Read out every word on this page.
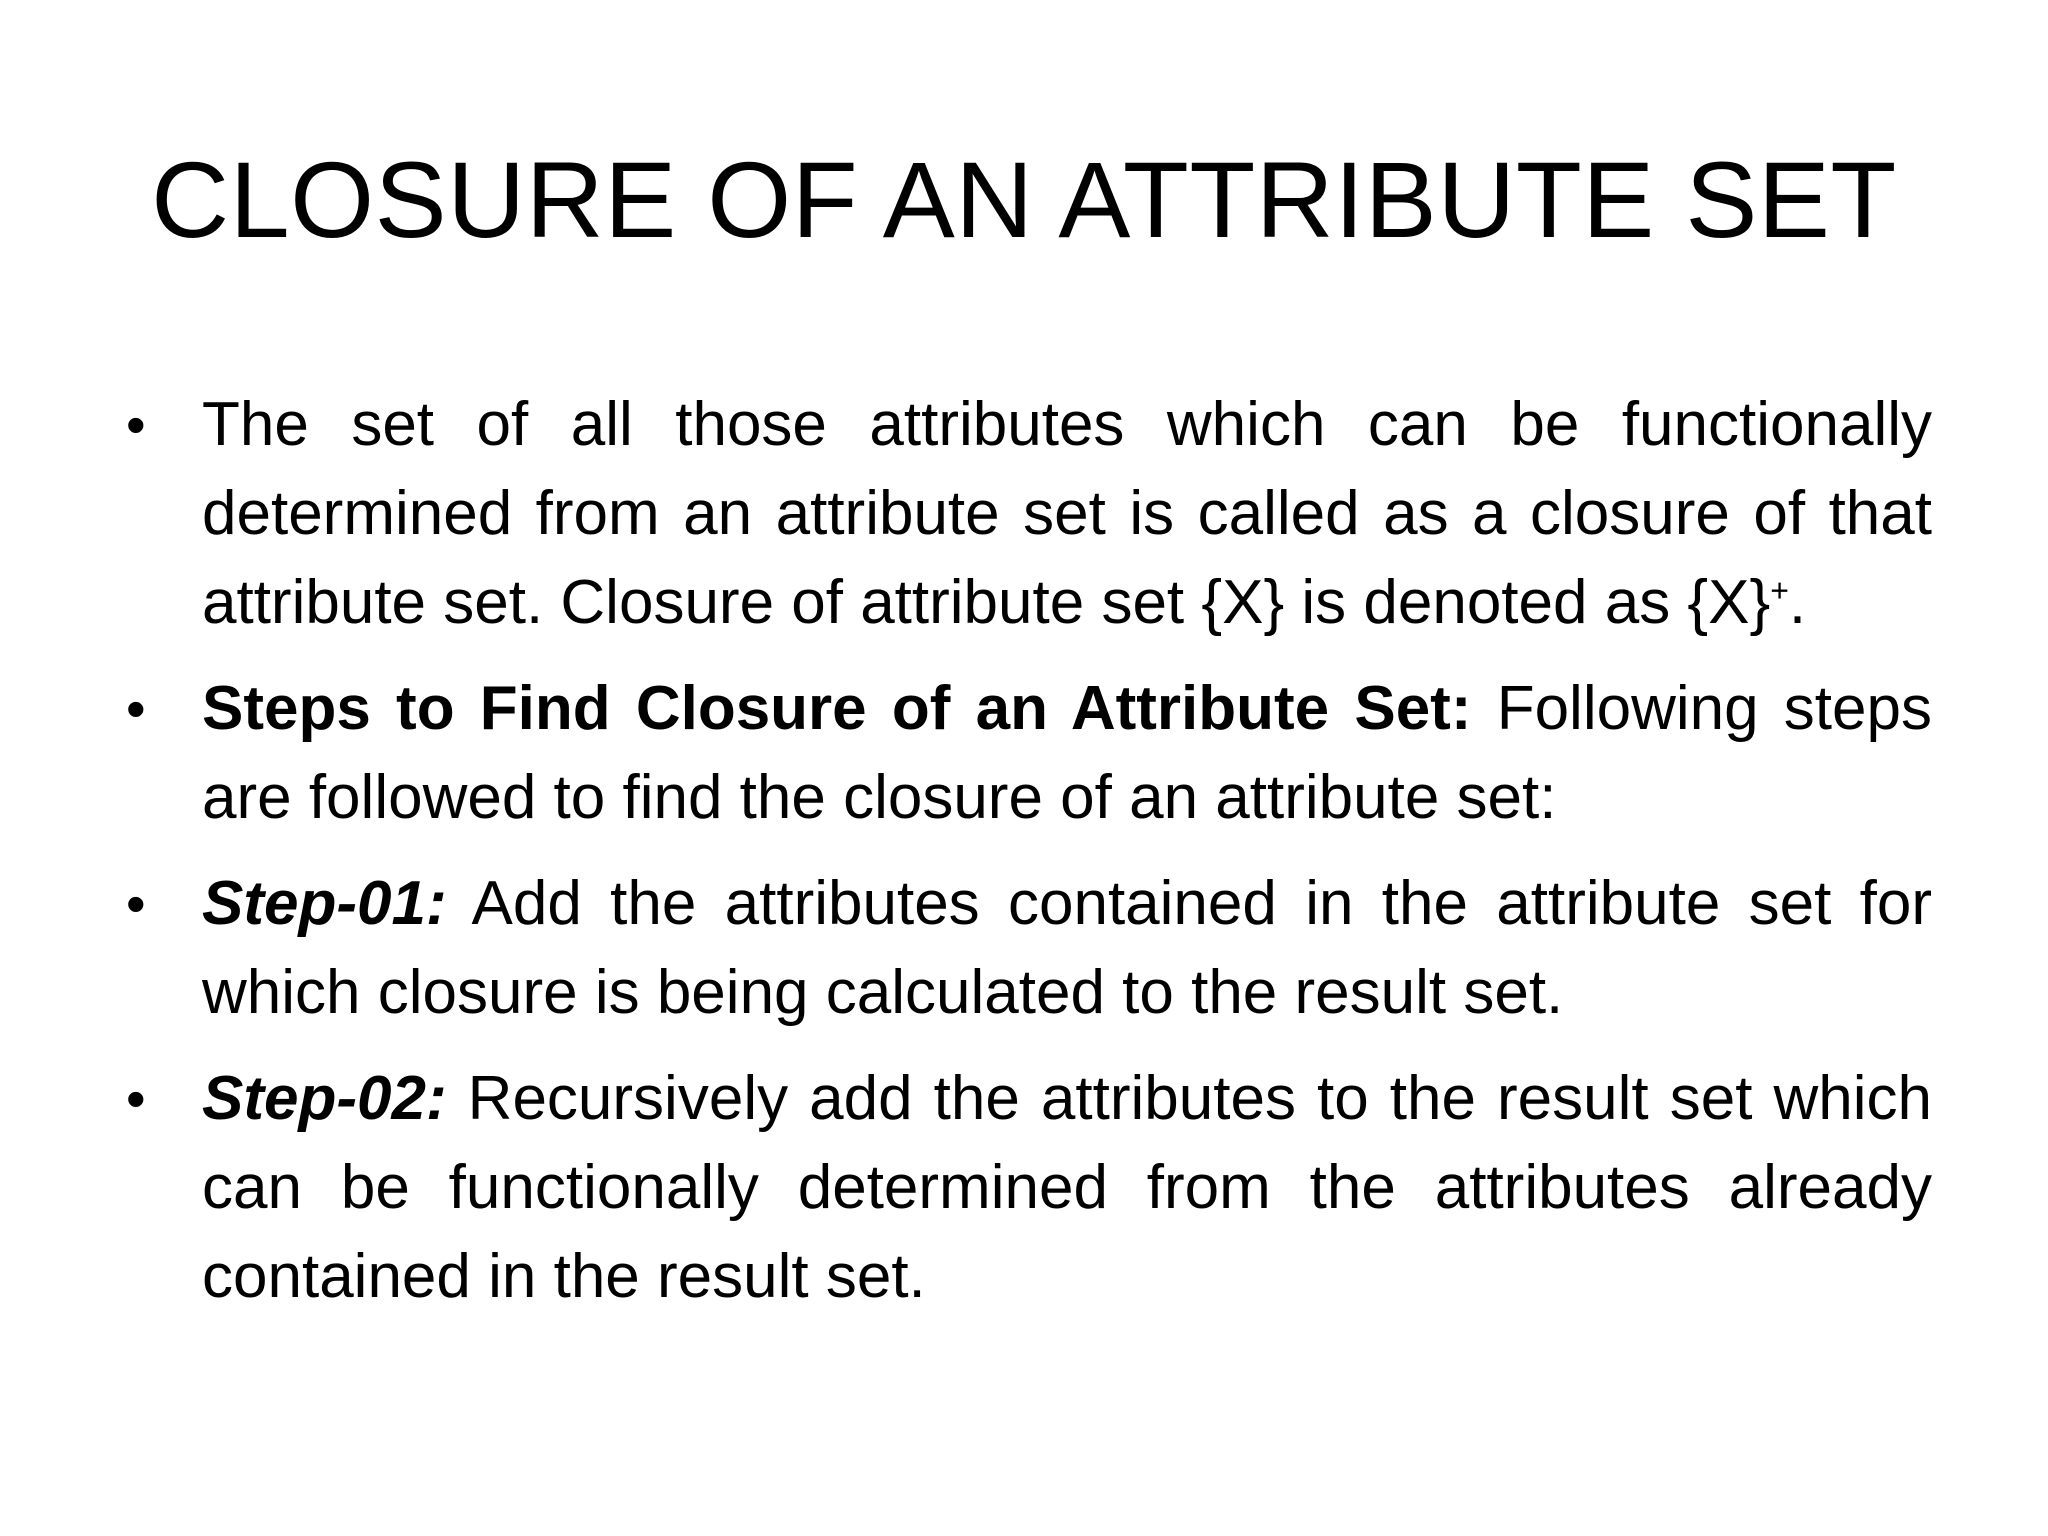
CLOSURE OF AN ATTRIBUTE SET
• The set of all those attributes which can be functionally determined from an attribute set is called as a closure of that attribute set. Closure of attribute set {X} is denoted as {X}+.
• Steps to Find Closure of an Attribute Set: Following steps are followed to find the closure of an attribute set:
• Step-01: Add the attributes contained in the attribute set for which closure is being calculated to the result set.
• Step-02: Recursively add the attributes to the result set which can be functionally determined from the attributes already contained in the result set.
